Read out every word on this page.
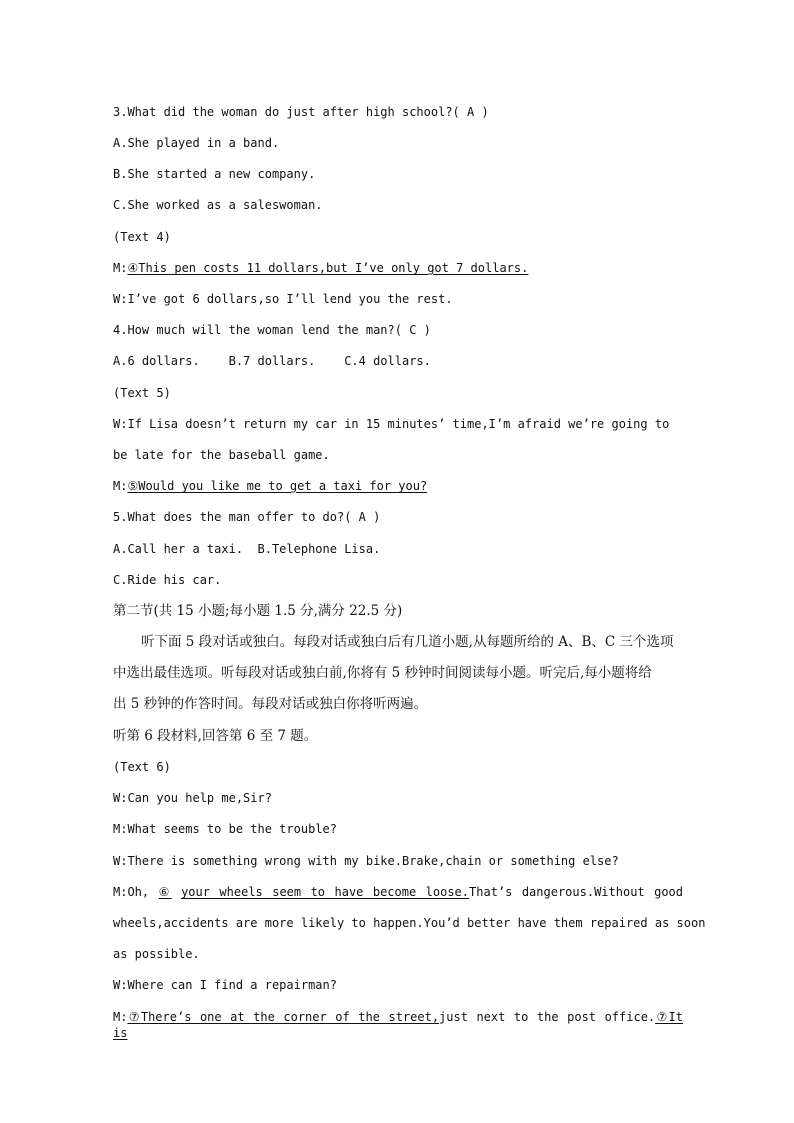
3.What did the woman do just after high school?( A )
A.She played in a band.
B.She started a new company.
C.She worked as a saleswoman.
(Text 4)
M:④This pen costs 11 dollars,but I’ve only got 7 dollars.
W:I’ve got 6 dollars,so I’ll lend you the rest.
4.How much will the woman lend the man?( C )
A.6 dollars.    B.7 dollars.    C.4 dollars.
(Text 5)
W:If Lisa doesn’t return my car in 15 minutes’ time,I’m afraid we’re going to
be late for the baseball game.
M:⑤Would you like me to get a taxi for you?
5.What does the man offer to do?( A )
A.Call her a taxi.  B.Telephone Lisa.
C.Ride his car.
第二节(共 15 小题;每小题 1.5 分,满分 22.5 分)
听下面 5 段对话或独白。每段对话或独白后有几道小题,从每题所给的 A、B、C 三个选项
中选出最佳选项。听每段对话或独白前,你将有 5 秒钟时间阅读每小题。听完后,每小题将给
出 5 秒钟的作答时间。每段对话或独白你将听两遍。
听第 6 段材料,回答第 6 至 7 题。
(Text 6)
W:Can you help me,Sir?
M:What seems to be the trouble?
W:There is something wrong with my bike.Brake,chain or something else?
M:Oh, ⑥ your wheels seem to have become loose.That’s dangerous.Without good
wheels,accidents are more likely to happen.You’d better have them repaired as soon
as possible.
W:Where can I find a repairman?
M:⑦There’s one at the corner of the street,just next to the post office.⑦It is
